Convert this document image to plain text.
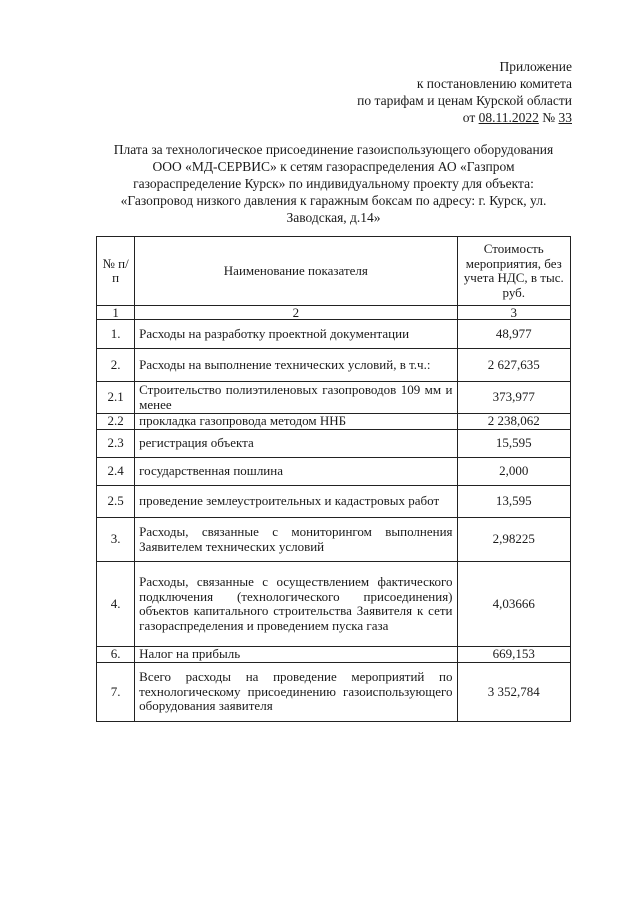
Приложение
к постановлению комитета
по тарифам и ценам Курской области
от 08.11.2022 № 33
Плата за технологическое присоединение газоиспользующего оборудования
ООО «МД-СЕРВИС» к сетям газораспределения АО «Газпром
газораспределение Курск» по индивидуальному проекту для объекта:
«Газопровод низкого давления к гаражным боксам по адресу: г. Курск, ул.
Заводская, д.14»
№ п/п	Наименование показателя	Стоимость мероприятия, без учета НДС, в тыс. руб.
1	2	3
1.	Расходы на разработку проектной документации	48,977
2.	Расходы на выполнение технических условий, в т.ч.:	2 627,635
2.1	Строительство полиэтиленовых газопроводов 109 мм и менее	373,977
2.2	прокладка газопровода методом ННБ	2 238,062
2.3	регистрация объекта	15,595
2.4	государственная пошлина	2,000
2.5	проведение землеустроительных и кадастровых работ	13,595
3.	Расходы, связанные с мониторингом выполнения Заявителем технических условий	2,98225
4.	Расходы, связанные с осуществлением фактического подключения (технологического присоединения) объектов капитального строительства Заявителя к сети газораспределения и проведением пуска газа	4,03666
6.	Налог на прибыль	669,153
7.	Всего расходы на проведение мероприятий по технологическому присоединению газоиспользующего оборудования заявителя	3 352,784
